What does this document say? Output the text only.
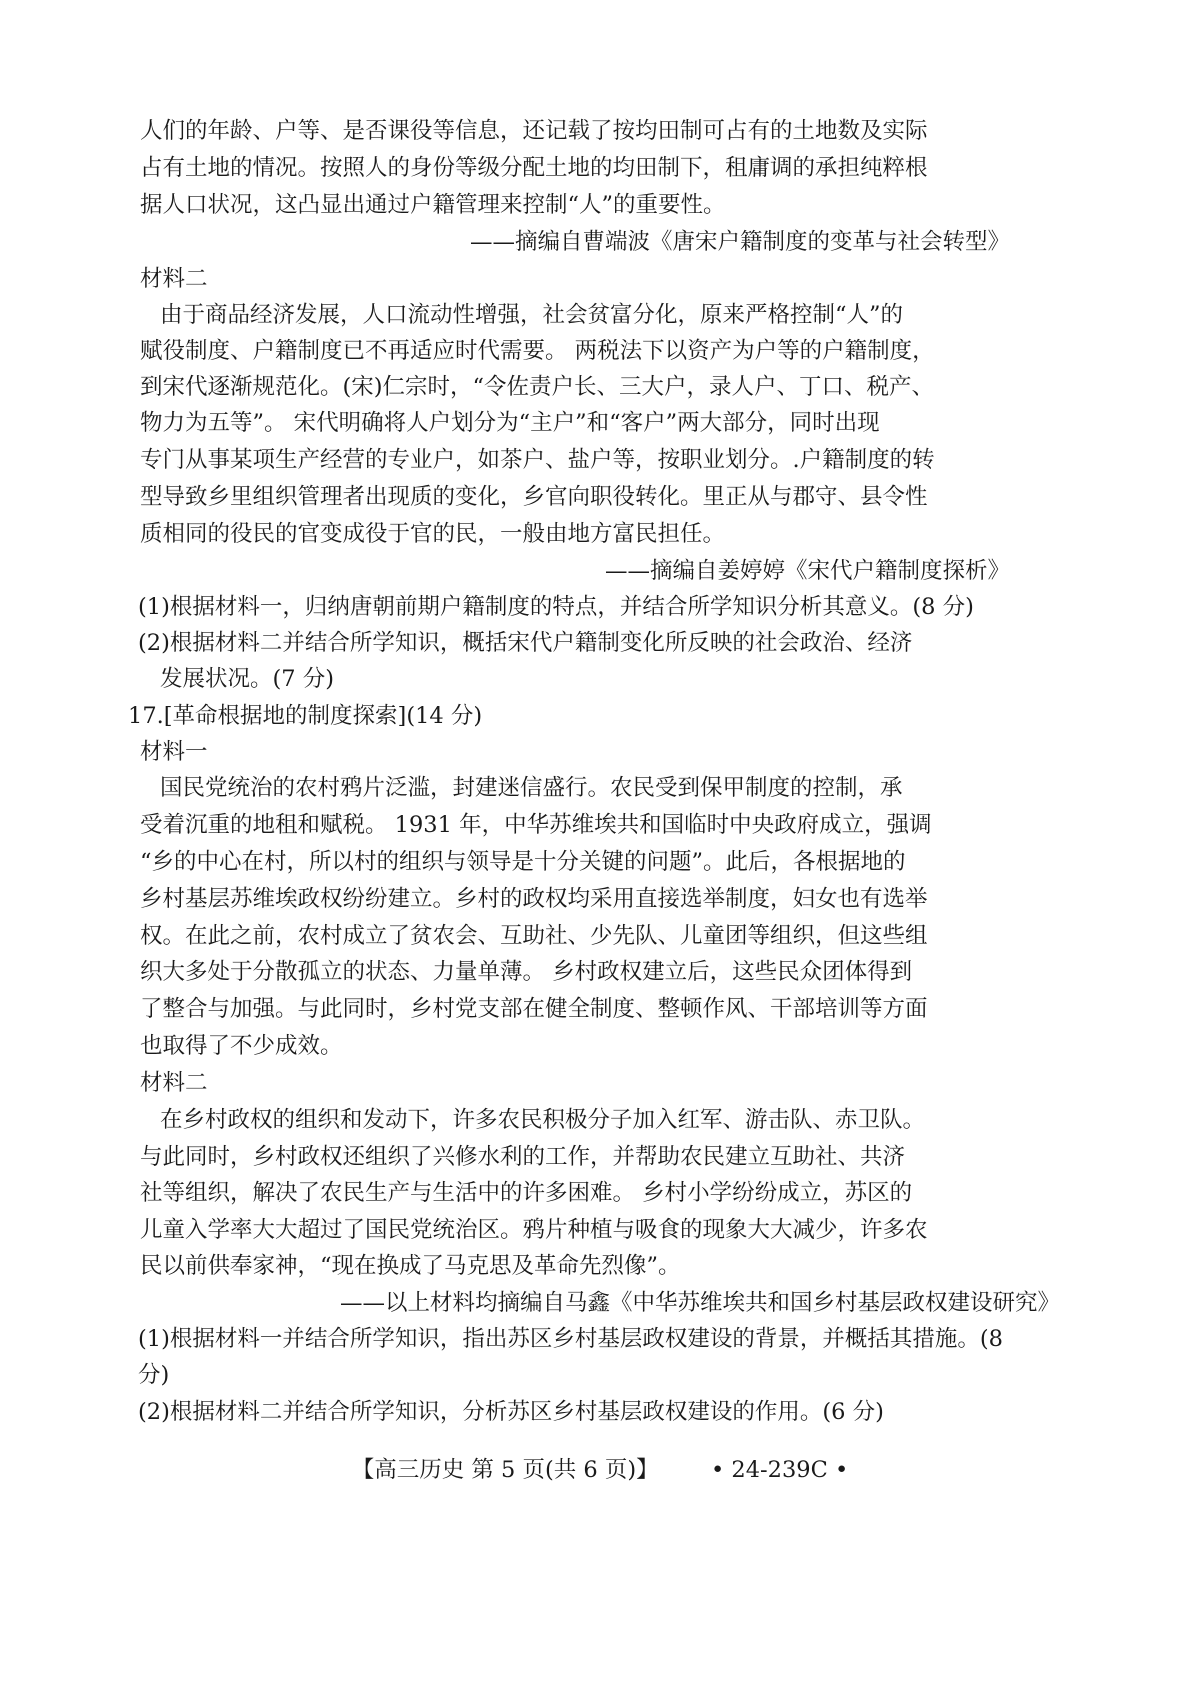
人们的年龄、户等、是否课役等信息，还记载了按均田制可占有的土地数及实际
占有土地的情况。按照人的身份等级分配土地的均田制下，租庸调的承担纯粹根
据人口状况，这凸显出通过户籍管理来控制“人”的重要性。
——摘编自曹端波《唐宋户籍制度的变革与社会转型》
材料二
由于商品经济发展，人口流动性增强，社会贫富分化，原来严格控制“人”的
赋役制度、户籍制度已不再适应时代需要。 两税法下以资产为户等的户籍制度，
到宋代逐渐规范化。(宋)仁宗时，“令佐责户长、三大户，录人户、丁口、税产、
物力为五等”。 宋代明确将人户划分为“主户”和“客户”两大部分，同时出现
专门从事某项生产经营的专业户，如茶户、盐户等，按职业划分。.户籍制度的转
型导致乡里组织管理者出现质的变化，乡官向职役转化。里正从与郡守、县令性
质相同的役民的官变成役于官的民，一般由地方富民担任。
——摘编自姜婷婷《宋代户籍制度探析》
(1)根据材料一，归纳唐朝前期户籍制度的特点，并结合所学知识分析其意义。(8 分)
(2)根据材料二并结合所学知识，概括宋代户籍制变化所反映的社会政治、经济
发展状况。(7 分)
17.[革命根据地的制度探索](14 分)
材料一
国民党统治的农村鸦片泛滥，封建迷信盛行。农民受到保甲制度的控制，承
受着沉重的地租和赋税。 1931 年，中华苏维埃共和国临时中央政府成立，强调
“乡的中心在村，所以村的组织与领导是十分关键的问题”。此后，各根据地的
乡村基层苏维埃政权纷纷建立。乡村的政权均采用直接选举制度，妇女也有选举
权。在此之前，农村成立了贫农会、互助社、少先队、儿童团等组织，但这些组
织大多处于分散孤立的状态、力量单薄。 乡村政权建立后，这些民众团体得到
了整合与加强。与此同时，乡村党支部在健全制度、整顿作风、干部培训等方面
也取得了不少成效。
材料二
在乡村政权的组织和发动下，许多农民积极分子加入红军、游击队、赤卫队。
与此同时，乡村政权还组织了兴修水利的工作，并帮助农民建立互助社、共济
社等组织，解决了农民生产与生活中的许多困难。 乡村小学纷纷成立，苏区的
儿童入学率大大超过了国民党统治区。鸦片种植与吸食的现象大大减少，许多农
民以前供奉家神，“现在换成了马克思及革命先烈像”。
——以上材料均摘编自马鑫《中华苏维埃共和国乡村基层政权建设研究》
(1)根据材料一并结合所学知识，指出苏区乡村基层政权建设的背景，并概括其措施。(8
分)
(2)根据材料二并结合所学知识，分析苏区乡村基层政权建设的作用。(6 分)
【高三历史 第 5 页(共 6 页)】 • 24-239C •
